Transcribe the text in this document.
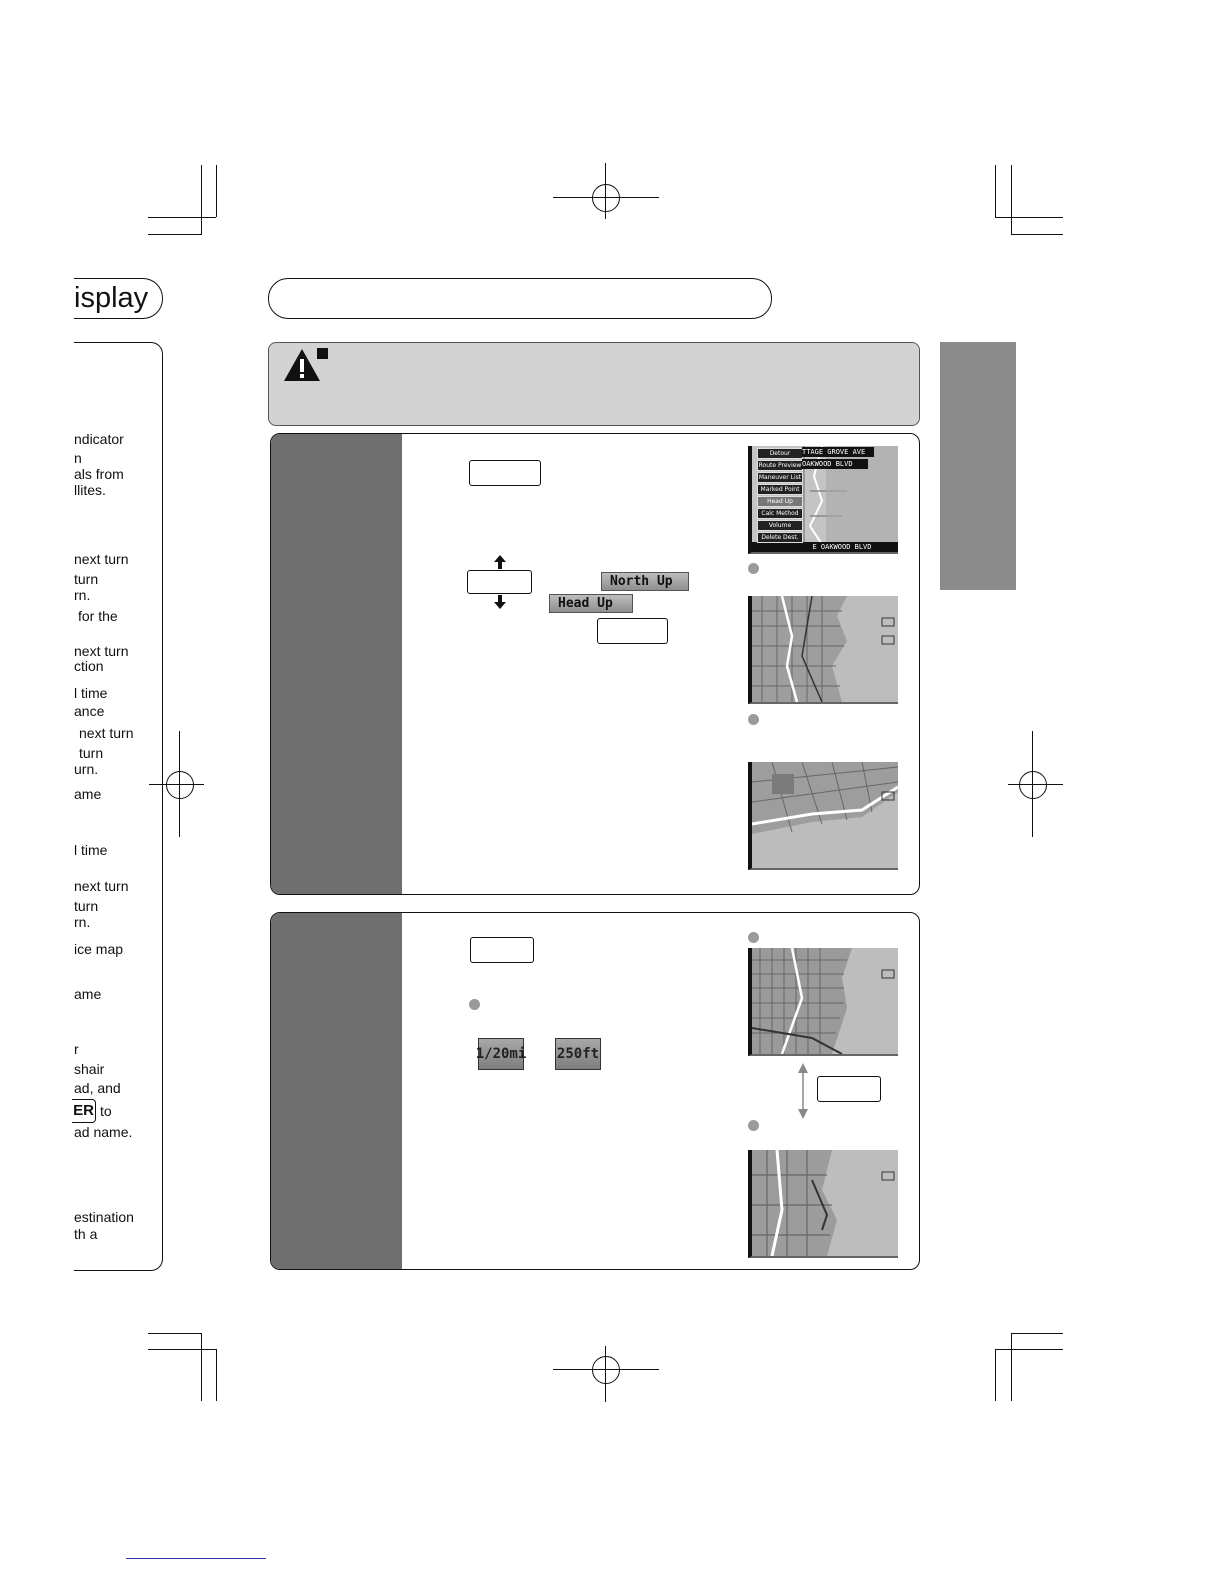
isplay
ndicator
n
als from
llites.
next turn
turn
rn.
for the
next turn
ction
l time
ance
next turn
turn
urn.
ame
l time
next turn
turn
rn.
ice map
ame
r
shair
ad, and
ER to
ad name.
estination
th a
North Up
Head Up
Detour
Route Preview
Maneuver List
Marked Point
Head Up
Calc Method
Volume
Delete Dest.
TTAGE GROVE AVE
OAKWOOD BLVD
E OAKWOOD BLVD
1/20mi 250ft
